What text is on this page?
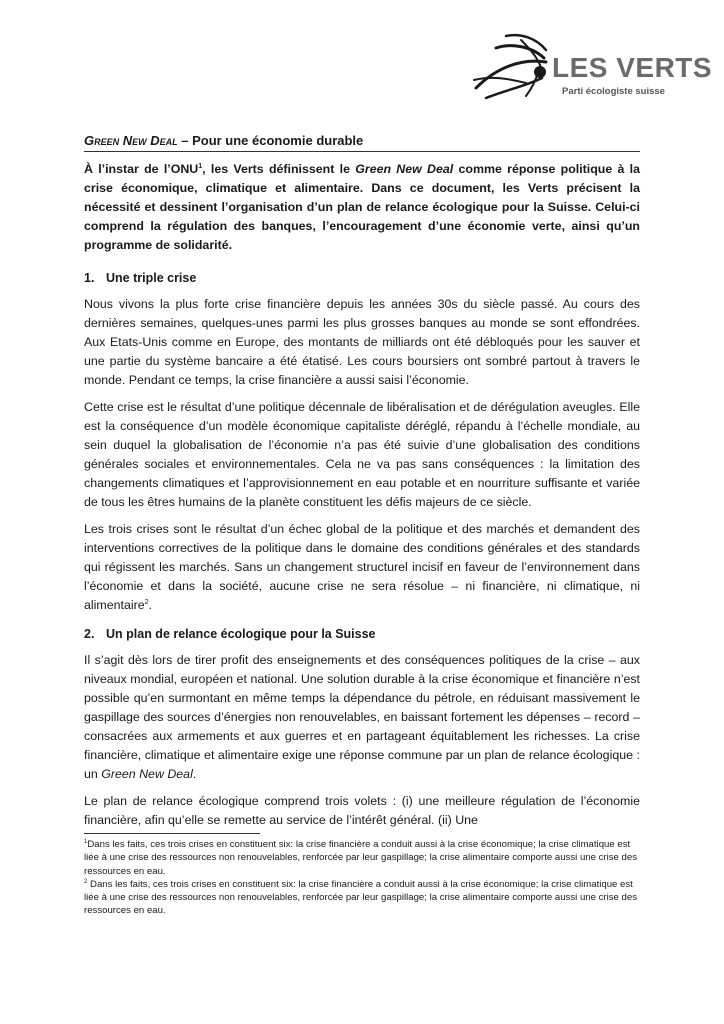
LES VERTS
Parti écologiste suisse
Green New Deal – Pour une économie durable

À l’instar de l’ONU$^1$, les Verts définissent le Green New Deal comme réponse politique à la crise économique, climatique et alimentaire. Dans ce document, les Verts précisent la nécessité et dessinent l’organisation d’un plan de relance écologique pour la Suisse. Celui-ci comprend la régulation des banques, l’encouragement d’une économie verte, ainsi qu’un programme de solidarité.

1. Une triple crise

Nous vivons la plus forte crise financière depuis les années 30s du siècle passé. Au cours des dernières semaines, quelques-unes parmi les plus grosses banques au monde se sont effondrées. Aux Etats-Unis comme en Europe, des montants de milliards ont été débloqués pour les sauver et une partie du système bancaire a été étatisé. Les cours boursiers ont sombré partout à travers le monde. Pendant ce temps, la crise financière a aussi saisi l’économie.

Cette crise est le résultat d’une politique décennale de libéralisation et de dérégulation aveugles. Elle est la conséquence d’un modèle économique capitaliste déréglé, répandu à l’échelle mondiale, au sein duquel la globalisation de l’économie n’a pas été suivie d’une globalisation des conditions générales sociales et environnementales. Cela ne va pas sans conséquences : la limitation des changements climatiques et l’approvisionnement en eau potable et en nourriture suffisante et variée de tous les êtres humains de la planète constituent les défis majeurs de ce siècle.

Les trois crises sont le résultat d’un échec global de la politique et des marchés et demandent des interventions correctives de la politique dans le domaine des conditions générales et des standards qui régissent les marchés. Sans un changement structurel incisif en faveur de l’environnement dans l’économie et dans la société, aucune crise ne sera résolue – ni financière, ni climatique, ni alimentaire$^2$.

2. Un plan de relance écologique pour la Suisse

Il s’agit dès lors de tirer profit des enseignements et des conséquences politiques de la crise – aux niveaux mondial, européen et national. Une solution durable à la crise économique et financière n’est possible qu’en surmontant en même temps la dépendance du pétrole, en réduisant massivement le gaspillage des sources d’énergies non renouvelables, en baissant fortement les dépenses – record – consacrées aux armements et aux guerres et en partageant équitablement les richesses. La crise financière, climatique et alimentaire exige une réponse commune par un plan de relance écologique : un Green New Deal.

Le plan de relance écologique comprend trois volets : (i) une meilleure régulation de l’économie financière, afin qu’elle se remette au service de l’intérêt général. (ii) Une

$^1$Dans les faits, ces trois crises en constituent six: la crise financière a conduit aussi à la crise économique; la crise climatique est liée à une crise des ressources non renouvelables, renforcée par leur gaspillage; la crise alimentaire comporte aussi une crise des ressources en eau.

$^2$ Dans les faits, ces trois crises en constituent six: la crise financière a conduit aussi à la crise économique; la crise climatique est liée à une crise des ressources non renouvelables, renforcée par leur gaspillage; la crise alimentaire comporte aussi une crise des ressources en eau.
